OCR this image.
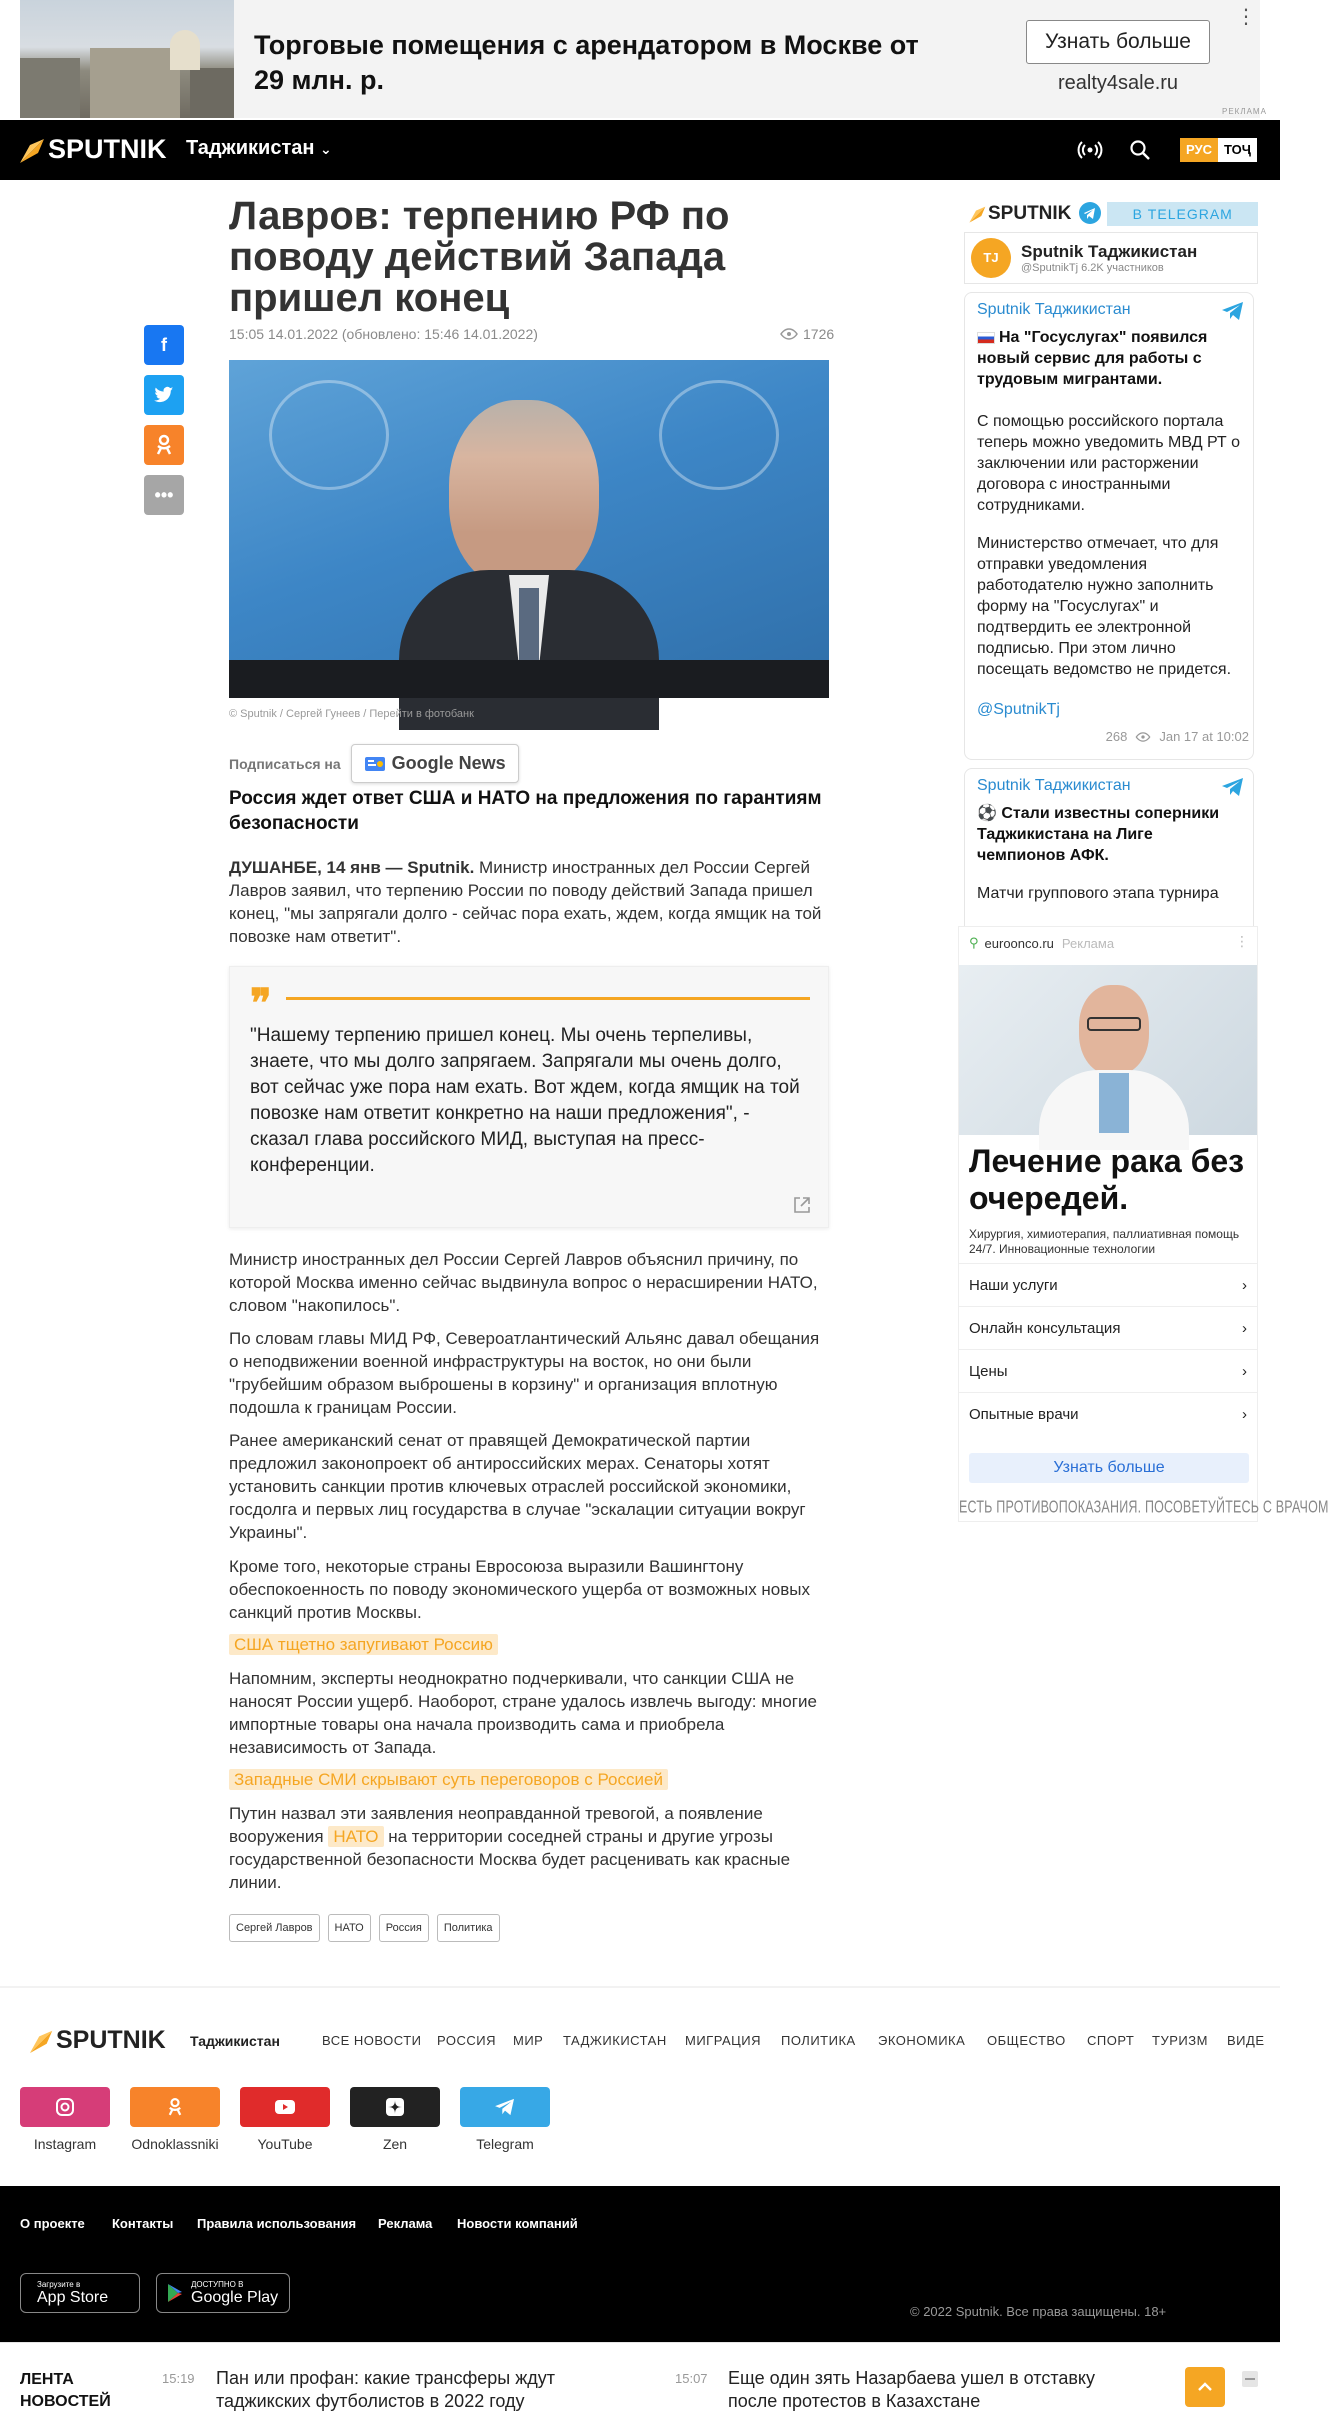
Торговые помещения с арендатором в Москве от 29 млн. р.
Узнать больше
realty4sale.ru
⋮
РЕКЛАМА
SPUTNIK Таджикистан ⌄	РУС ТОҶ
f
•••
Лавров: терпению РФ по поводу действий Запада пришел конец
15:05 14.01.2022 (обновлено: 15:46 14.01.2022)	1726
© Sputnik / Сергей Гунеев / Перейти в фотобанк
Подписаться на	Google News
Россия ждет ответ США и НАТО на предложения по гарантиям безопасности
ДУШАНБЕ, 14 янв — Sputnik. Министр иностранных дел России Сергей Лавров заявил, что терпению России по поводу действий Запада пришел конец, "мы запрягали долго - сейчас пора ехать, ждем, когда ямщик на той повозке нам ответит".
❞
"Нашему терпению пришел конец. Мы очень терпеливы, знаете, что мы долго запрягаем. Запрягали мы очень долго, вот сейчас уже пора нам ехать. Вот ждем, когда ямщик на той повозке нам ответит конкретно на наши предложения", - сказал глава российского МИД, выступая на пресс-конференции.
Министр иностранных дел России Сергей Лавров объяснил причину, по которой Москва именно сейчас выдвинула вопрос о нерасширении НАТО, словом "накопилось".
По словам главы МИД РФ, Североатлантический Альянс давал обещания о неподвижении военной инфраструктуры на восток, но они были "грубейшим образом выброшены в корзину" и организация вплотную подошла к границам России.
Ранее американский сенат от правящей Демократической партии предложил законопроект об антироссийских мерах. Сенаторы хотят установить санкции против ключевых отраслей российской экономики, госдолга и первых лиц государства в случае "эскалации ситуации вокруг Украины".
Кроме того, некоторые страны Евросоюза выразили Вашингтону обеспокоенность по поводу экономического ущерба от возможных новых санкций против Москвы.
США тщетно запугивают Россию
Напомним, эксперты неоднократно подчеркивали, что санкции США не наносят России ущерб. Наоборот, стране удалось извлечь выгоду: многие импортные товары она начала производить сама и приобрела независимость от Запада.
Западные СМИ скрывают суть переговоров с Россией
Путин назвал эти заявления неоправданной тревогой, а появление вооружения НАТО на территории соседней страны и другие угрозы государственной безопасности Москва будет расценивать как красные линии.
Сергей Лавров	НАТО	Россия	Политика
SPUTNIK	В TELEGRAM
TJ	Sputnik Таджикистан
@SputnikTj 6.2K участников
Sputnik Таджикистан
На "Госуслугах" появился новый сервис для работы с трудовым мигрантами.
С помощью российского портала теперь можно уведомить МВД РТ о заключении или расторжении договора с иностранными сотрудниками.
Министерство отмечает, что для отправки уведомления работодателю нужно заполнить форму на "Госуслугах" и подтвердить ее электронной подписью. При этом лично посещать ведомство не придется.
@SputnikTj
268 Jan 17 at 10:02
Sputnik Таджикистан
⚽ Стали известны соперники Таджикистана на Лиге чемпионов АФК.
Матчи группового этапа турнира
⚲ euroonco.ru Реклама	⋮
Лечение рака без очередей.
Хирургия, химиотерапия, паллиативная помощь 24/7. Инновационные технологии
Наши услуги	›
Онлайн консультация	›
Цены	›
Опытные врачи	›
Узнать больше
ЕСТЬ ПРОТИВОПОКАЗАНИЯ. ПОСОВЕТУЙТЕСЬ С ВРАЧОМ
SPUTNIK Таджикистан	ВСЕ НОВОСТИ РОССИЯ МИР ТАДЖИКИСТАН МИГРАЦИЯ ПОЛИТИКА ЭКОНОМИКА ОБЩЕСТВО СПОРТ ТУРИЗМ ВИДЕ
Instagram	Odnoklassniki	YouTube	Zen	Telegram
О проекте Контакты Правила использования Реклама Новости компаний
Загрузите в
App Store
ДОСТУПНО В
Google Play
© 2022 Sputnik. Все права защищены. 18+
ЛЕНТА
НОВОСТЕЙ
15:19 Пан или профан: какие трансферы ждут таджикских футболистов в 2022 году
15:07 Еще один зять Назарбаева ушел в отставку после протестов в Казахстане
